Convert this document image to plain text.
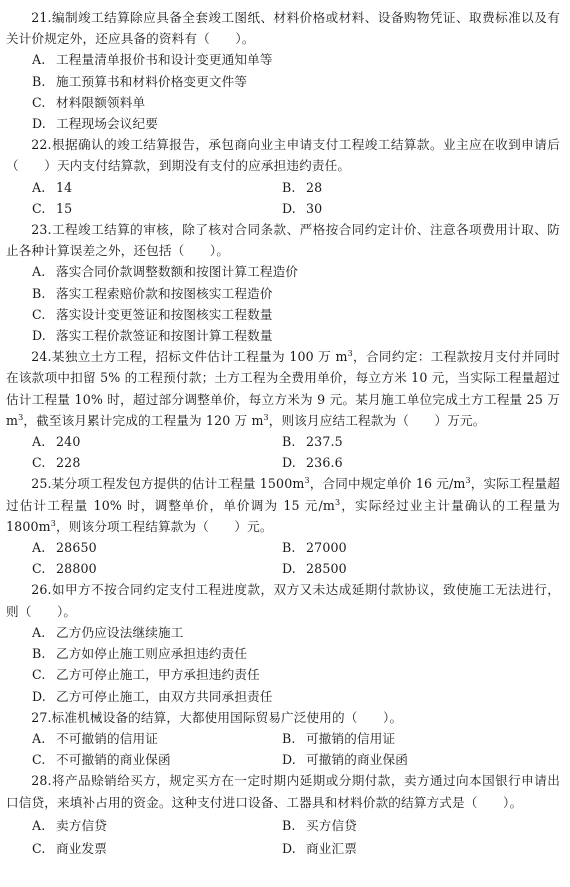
21.编制竣工结算除应具备全套竣工图纸、材料价格或材料、设备购物凭证、取费标准以及有关计价规定外，还应具备的资料有（　　）。

A. 工程量清单报价书和设计变更通知单等

B. 施工预算书和材料价格变更文件等

C. 材料限额领料单

D. 工程现场会议纪要

22.根据确认的竣工结算报告，承包商向业主申请支付工程竣工结算款。业主应在收到申请后（　　）天内支付结算款，到期没有支付的应承担违约责任。

A. 14	B. 28
C. 15	D. 30

23.工程竣工结算的审核，除了核对合同条款、严格按合同约定计价、注意各项费用计取、防止各种计算误差之外，还包括（　　）。

A. 落实合同价款调整数额和按图计算工程造价

B. 落实工程索赔价款和按图核实工程造价

C. 落实设计变更签证和按图核实工程数量

D. 落实工程价款签证和按图计算工程数量

24.某独立土方工程，招标文件估计工程量为 100 万 $m^3$，合同约定：工程款按月支付并同时在该款项中扣留 5% 的工程预付款；土方工程为全费用单价，每立方米 10 元，当实际工程量超过估计工程量 10% 时，超过部分调整单价，每立方米为 9 元。某月施工单位完成土方工程量 25 万 $m^3$，截至该月累计完成的工程量为 120 万 $m^3$，则该月应结工程款为（　　）万元。

A. 240	B. 237.5
C. 228	D. 236.6

25.某分项工程发包方提供的估计工程量 $1500m^3$，合同中规定单价 16 元$/m^3$，实际工程量超过估计工程量 10% 时，调整单价，单价调为 15 元$/m^3$，实际经过业主计量确认的工程量为 $1800m^3$，则该分项工程结算款为（　　）元。

A. 28650	B. 27000
C. 28800	D. 28500

26.如甲方不按合同约定支付工程进度款，双方又未达成延期付款协议，致使施工无法进行，则（　　）。

A. 乙方仍应设法继续施工

B. 乙方如停止施工则应承担违约责任

C. 乙方可停止施工，甲方承担违约责任

D. 乙方可停止施工，由双方共同承担责任

27.标准机械设备的结算，大都使用国际贸易广泛使用的（　　）。

A. 不可撤销的信用证	B. 可撤销的信用证
C. 不可撤销的商业保函	D. 可撤销的商业保函

28.将产品赊销给买方，规定买方在一定时期内延期或分期付款，卖方通过向本国银行申请出口信贷，来填补占用的资金。这种支付进口设备、工器具和材料价款的结算方式是（　　）。

A. 卖方信贷	B. 买方信贷
C. 商业发票	D. 商业汇票
